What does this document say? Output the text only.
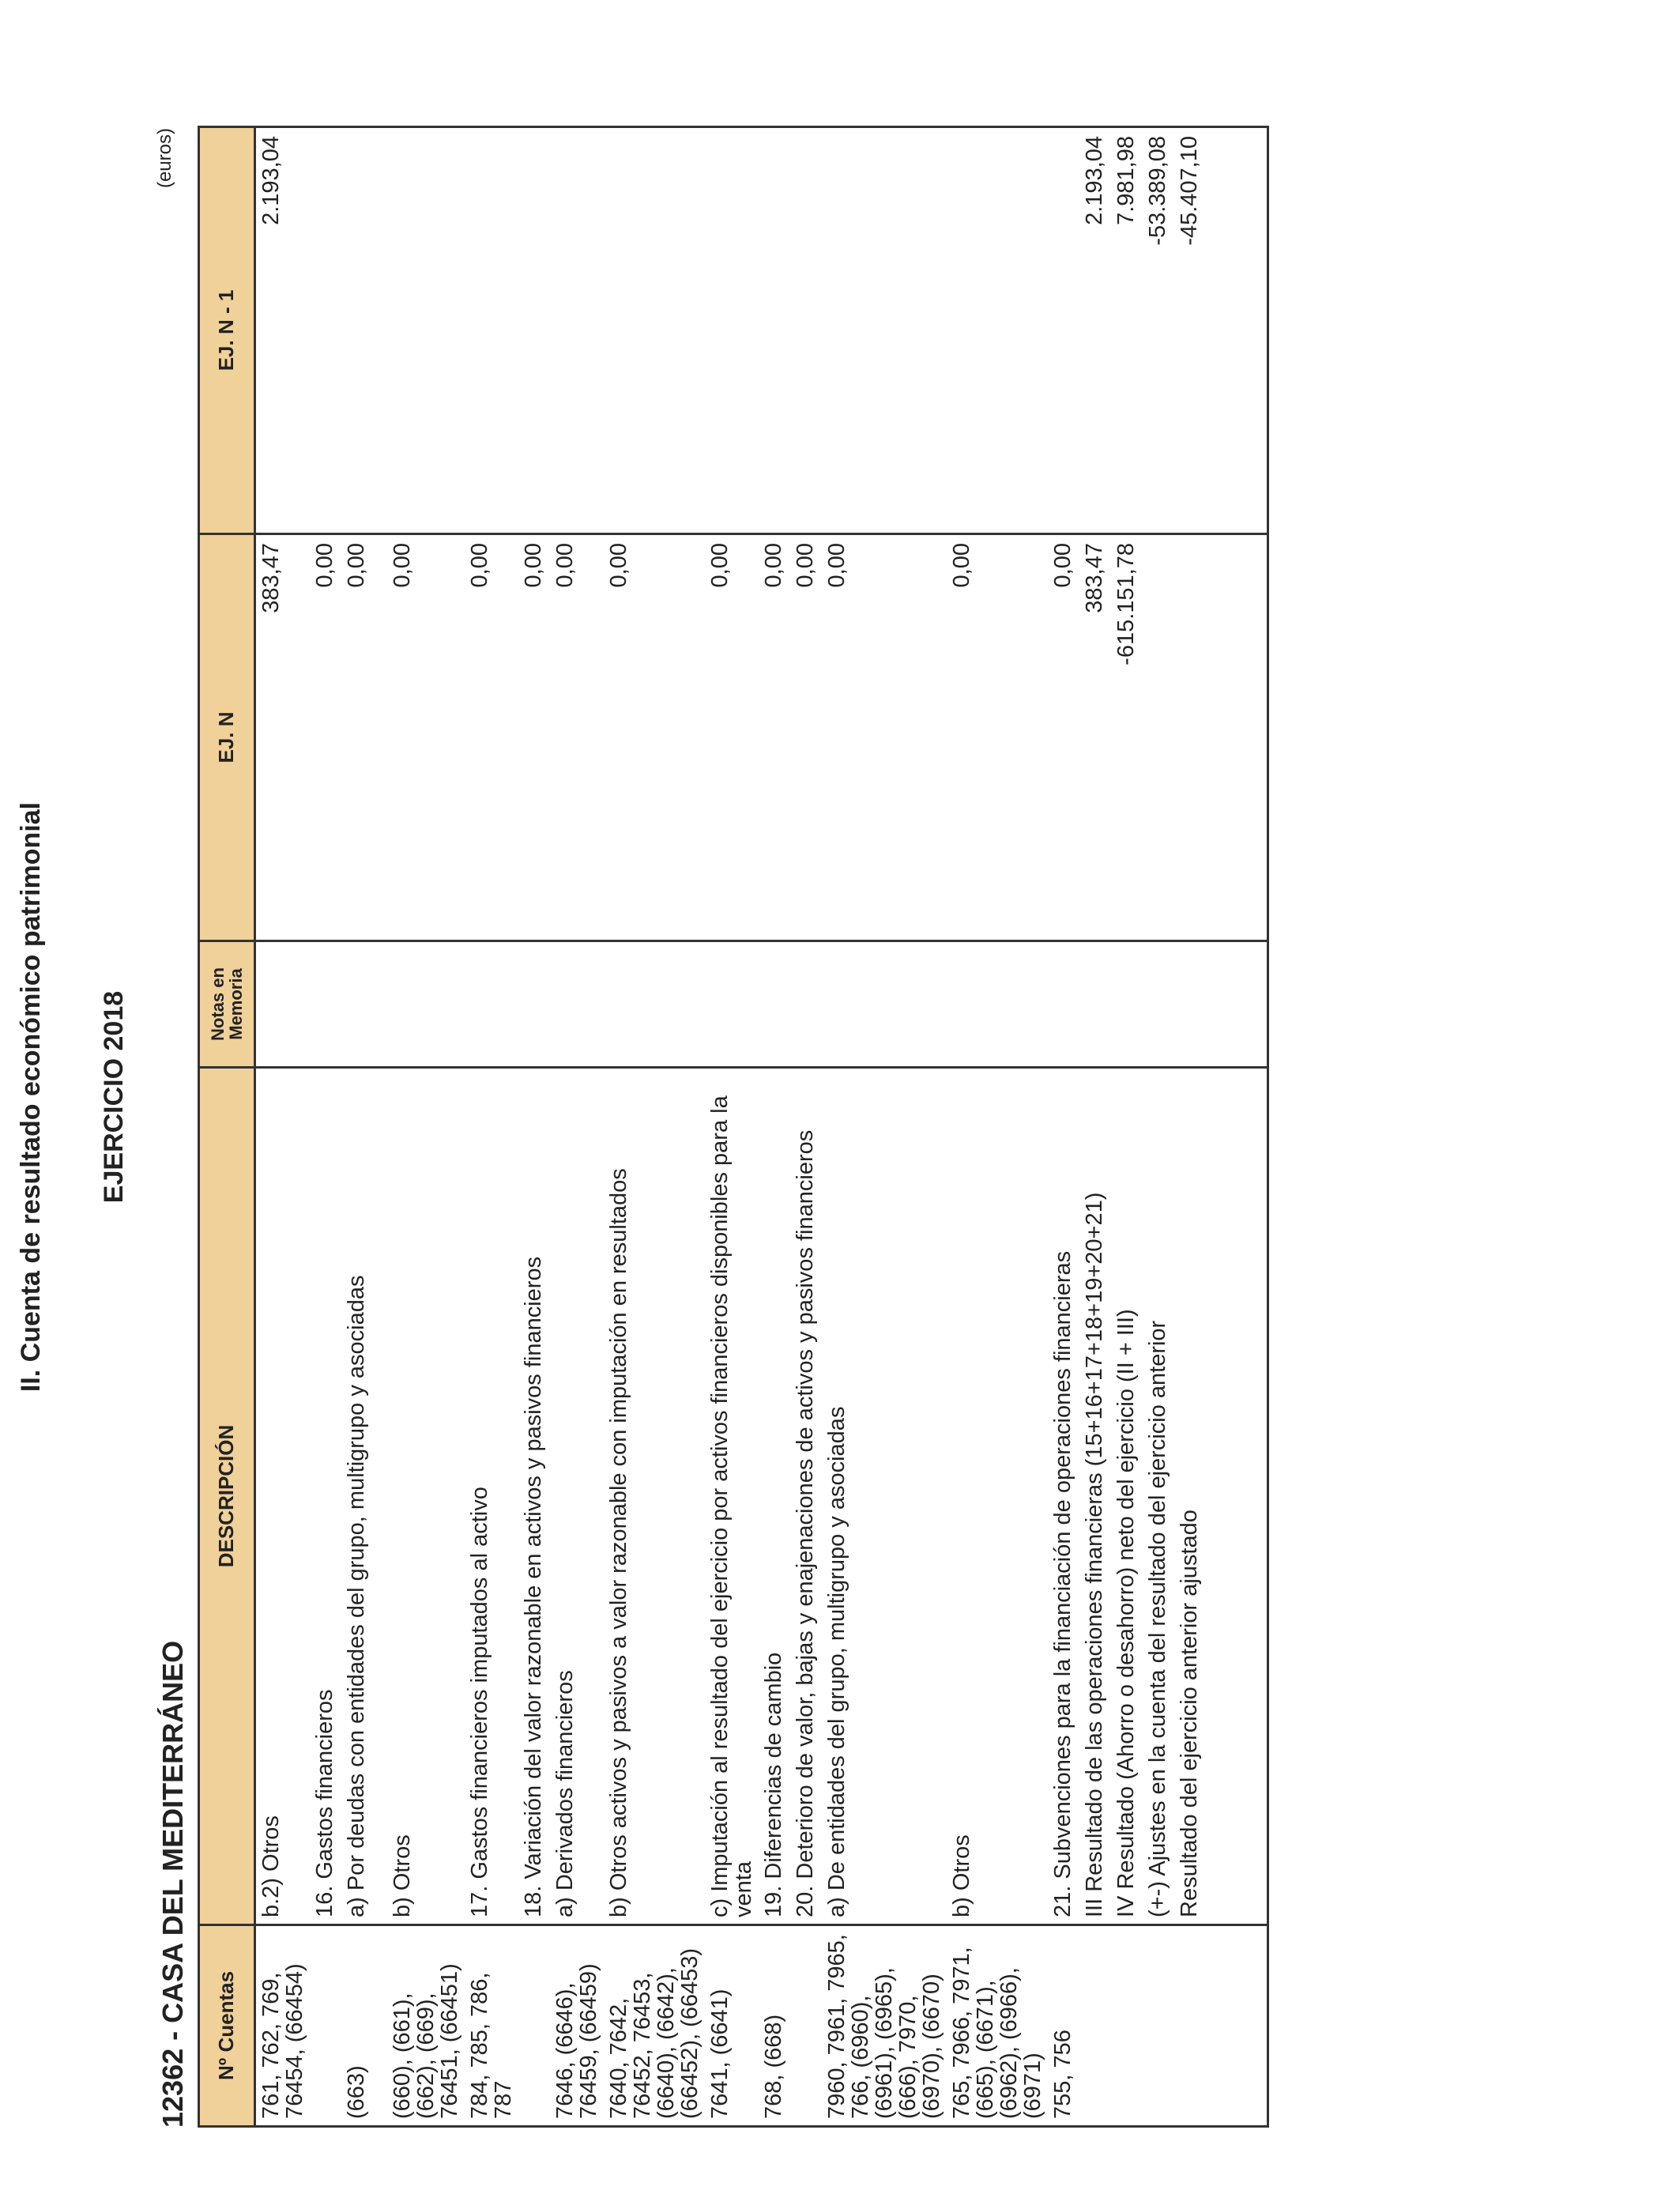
II. Cuenta de resultado económico patrimonial EJERCICIO 2018
12362 - CASA DEL MEDITERRÁNEO
(euros)
Nº Cuentas	DESCRIPCIÓN	Notas en Memoria	EJ. N	EJ. N - 1
761, 762, 769, 76454, (66454)	b.2) Otros		383,47	2.193,04
	16. Gastos financieros		0,00	
(663)	a) Por deudas con entidades del grupo, multigrupo y asociadas		0,00	
(660), (661), (662), (669), 76451, (66451)	b) Otros		0,00	
784, 785, 786, 787	17. Gastos financieros imputados al activo		0,00	
	18. Variación del valor razonable en activos y pasivos financieros		0,00	
7646, (6646), 76459, (66459)	a) Derivados financieros		0,00	
7640, 7642, 76452, 76453, (6640), (6642), (66452), (66453)	b) Otros activos y pasivos a valor razonable con imputación en resultados		0,00	
7641, (6641)	c) Imputación al resultado del ejercicio por activos financieros disponibles para la venta		0,00	
768, (668)	19. Diferencias de cambio		0,00	
	20. Deterioro de valor, bajas y enajenaciones de activos y pasivos financieros		0,00	
7960, 7961, 7965, 766, (6960), (6961), (6965), (666), 7970, (6970), (6670)	a) De entidades del grupo, multigrupo y asociadas		0,00	
765, 7966, 7971, (665), (6671), (6962), (6966), (6971)	b) Otros		0,00	
755, 756	21. Subvenciones para la financiación de operaciones financieras		0,00	
	III Resultado de las operaciones financieras (15+16+17+18+19+20+21)		383,47	2.193,04
	IV Resultado (Ahorro o desahorro) neto del ejercicio (II + III)		-615.151,78	7.981,98
	(+-) Ajustes en la cuenta del resultado del ejercicio anterior			-53.389,08
	Resultado del ejercicio anterior ajustado			-45.407,10
